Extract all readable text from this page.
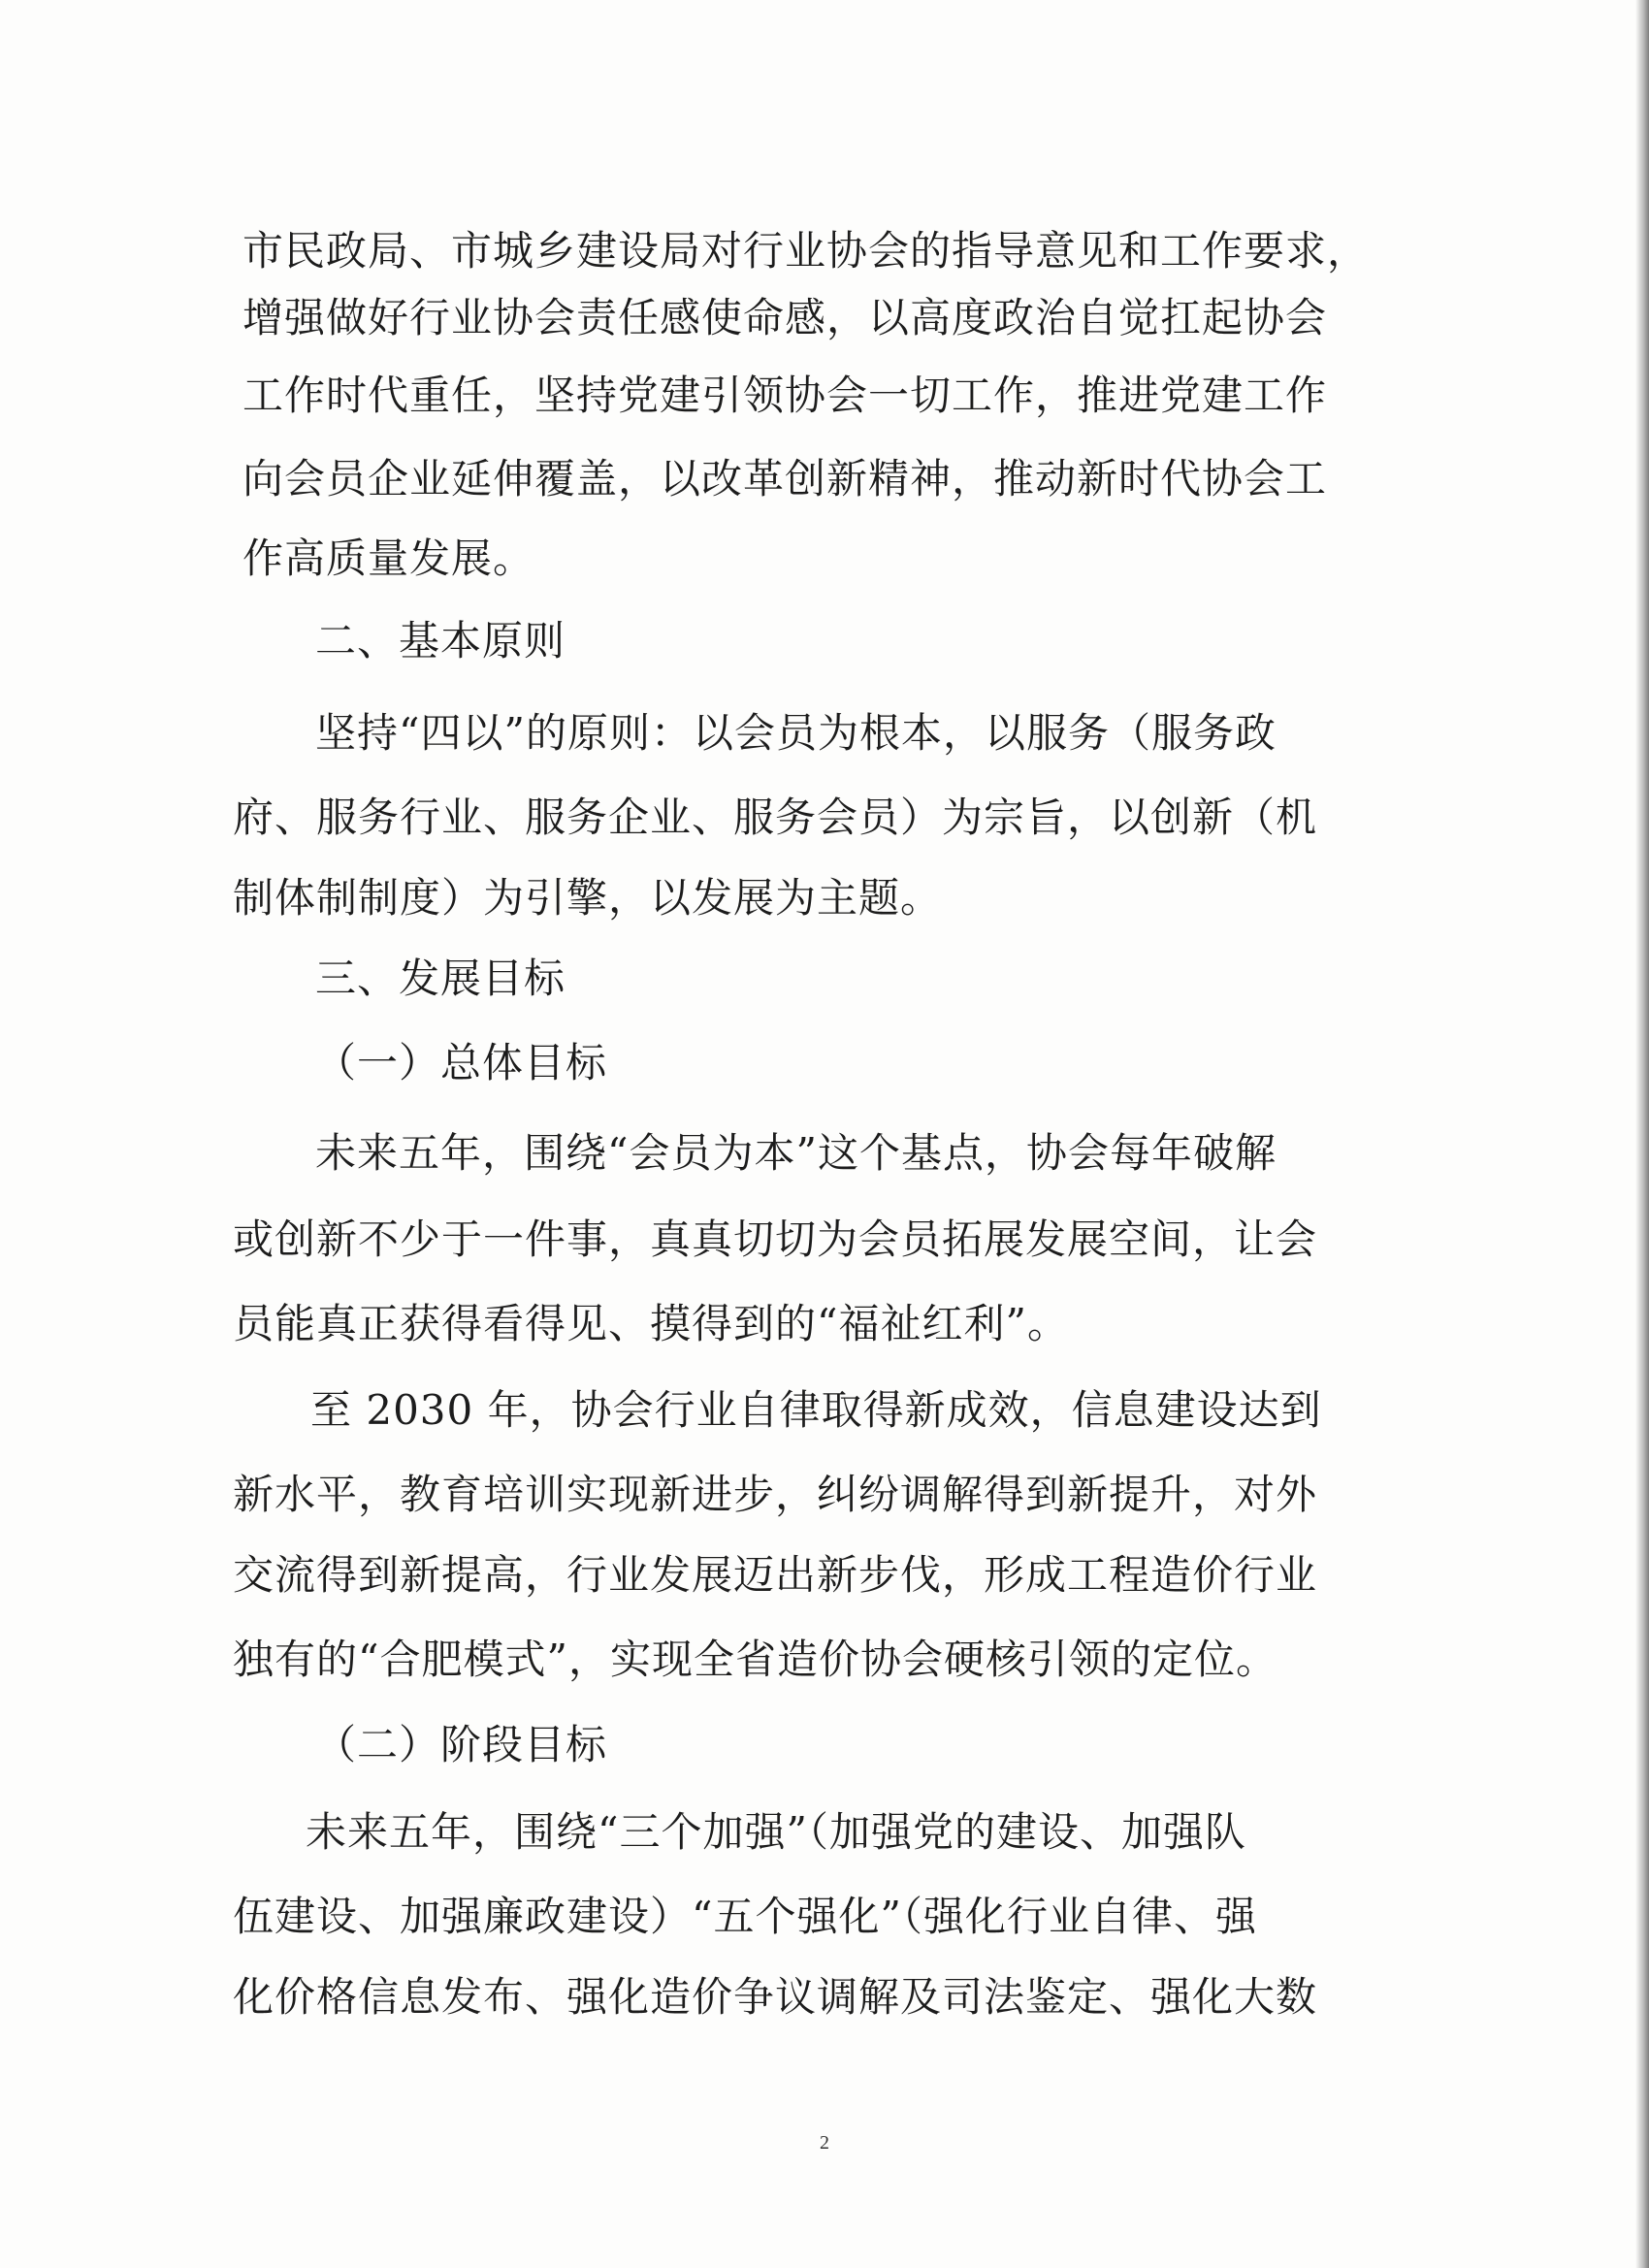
市民政局、市城乡建设局对行业协会的指导意见和工作要求，
增强做好行业协会责任感使命感，以高度政治自觉扛起协会
工作时代重任，坚持党建引领协会一切工作，推进党建工作
向会员企业延伸覆盖，以改革创新精神，推动新时代协会工
作高质量发展。
二、基本原则
坚持“四以”的原则：以会员为根本，以服务（服务政
府、服务行业、服务企业、服务会员）为宗旨，以创新（机
制体制制度）为引擎，以发展为主题。
三、发展目标
（一）总体目标
未来五年，围绕“会员为本”这个基点，协会每年破解
或创新不少于一件事，真真切切为会员拓展发展空间，让会
员能真正获得看得见、摸得到的“福祉红利”。
至 2030 年，协会行业自律取得新成效，信息建设达到
新水平，教育培训实现新进步，纠纷调解得到新提升，对外
交流得到新提高，行业发展迈出新步伐，形成工程造价行业
独有的“合肥模式”，实现全省造价协会硬核引领的定位。
（二）阶段目标
未来五年，围绕“三个加强”（加强党的建设、加强队
伍建设、加强廉政建设）“五个强化”（强化行业自律、强
化价格信息发布、强化造价争议调解及司法鉴定、强化大数
2
